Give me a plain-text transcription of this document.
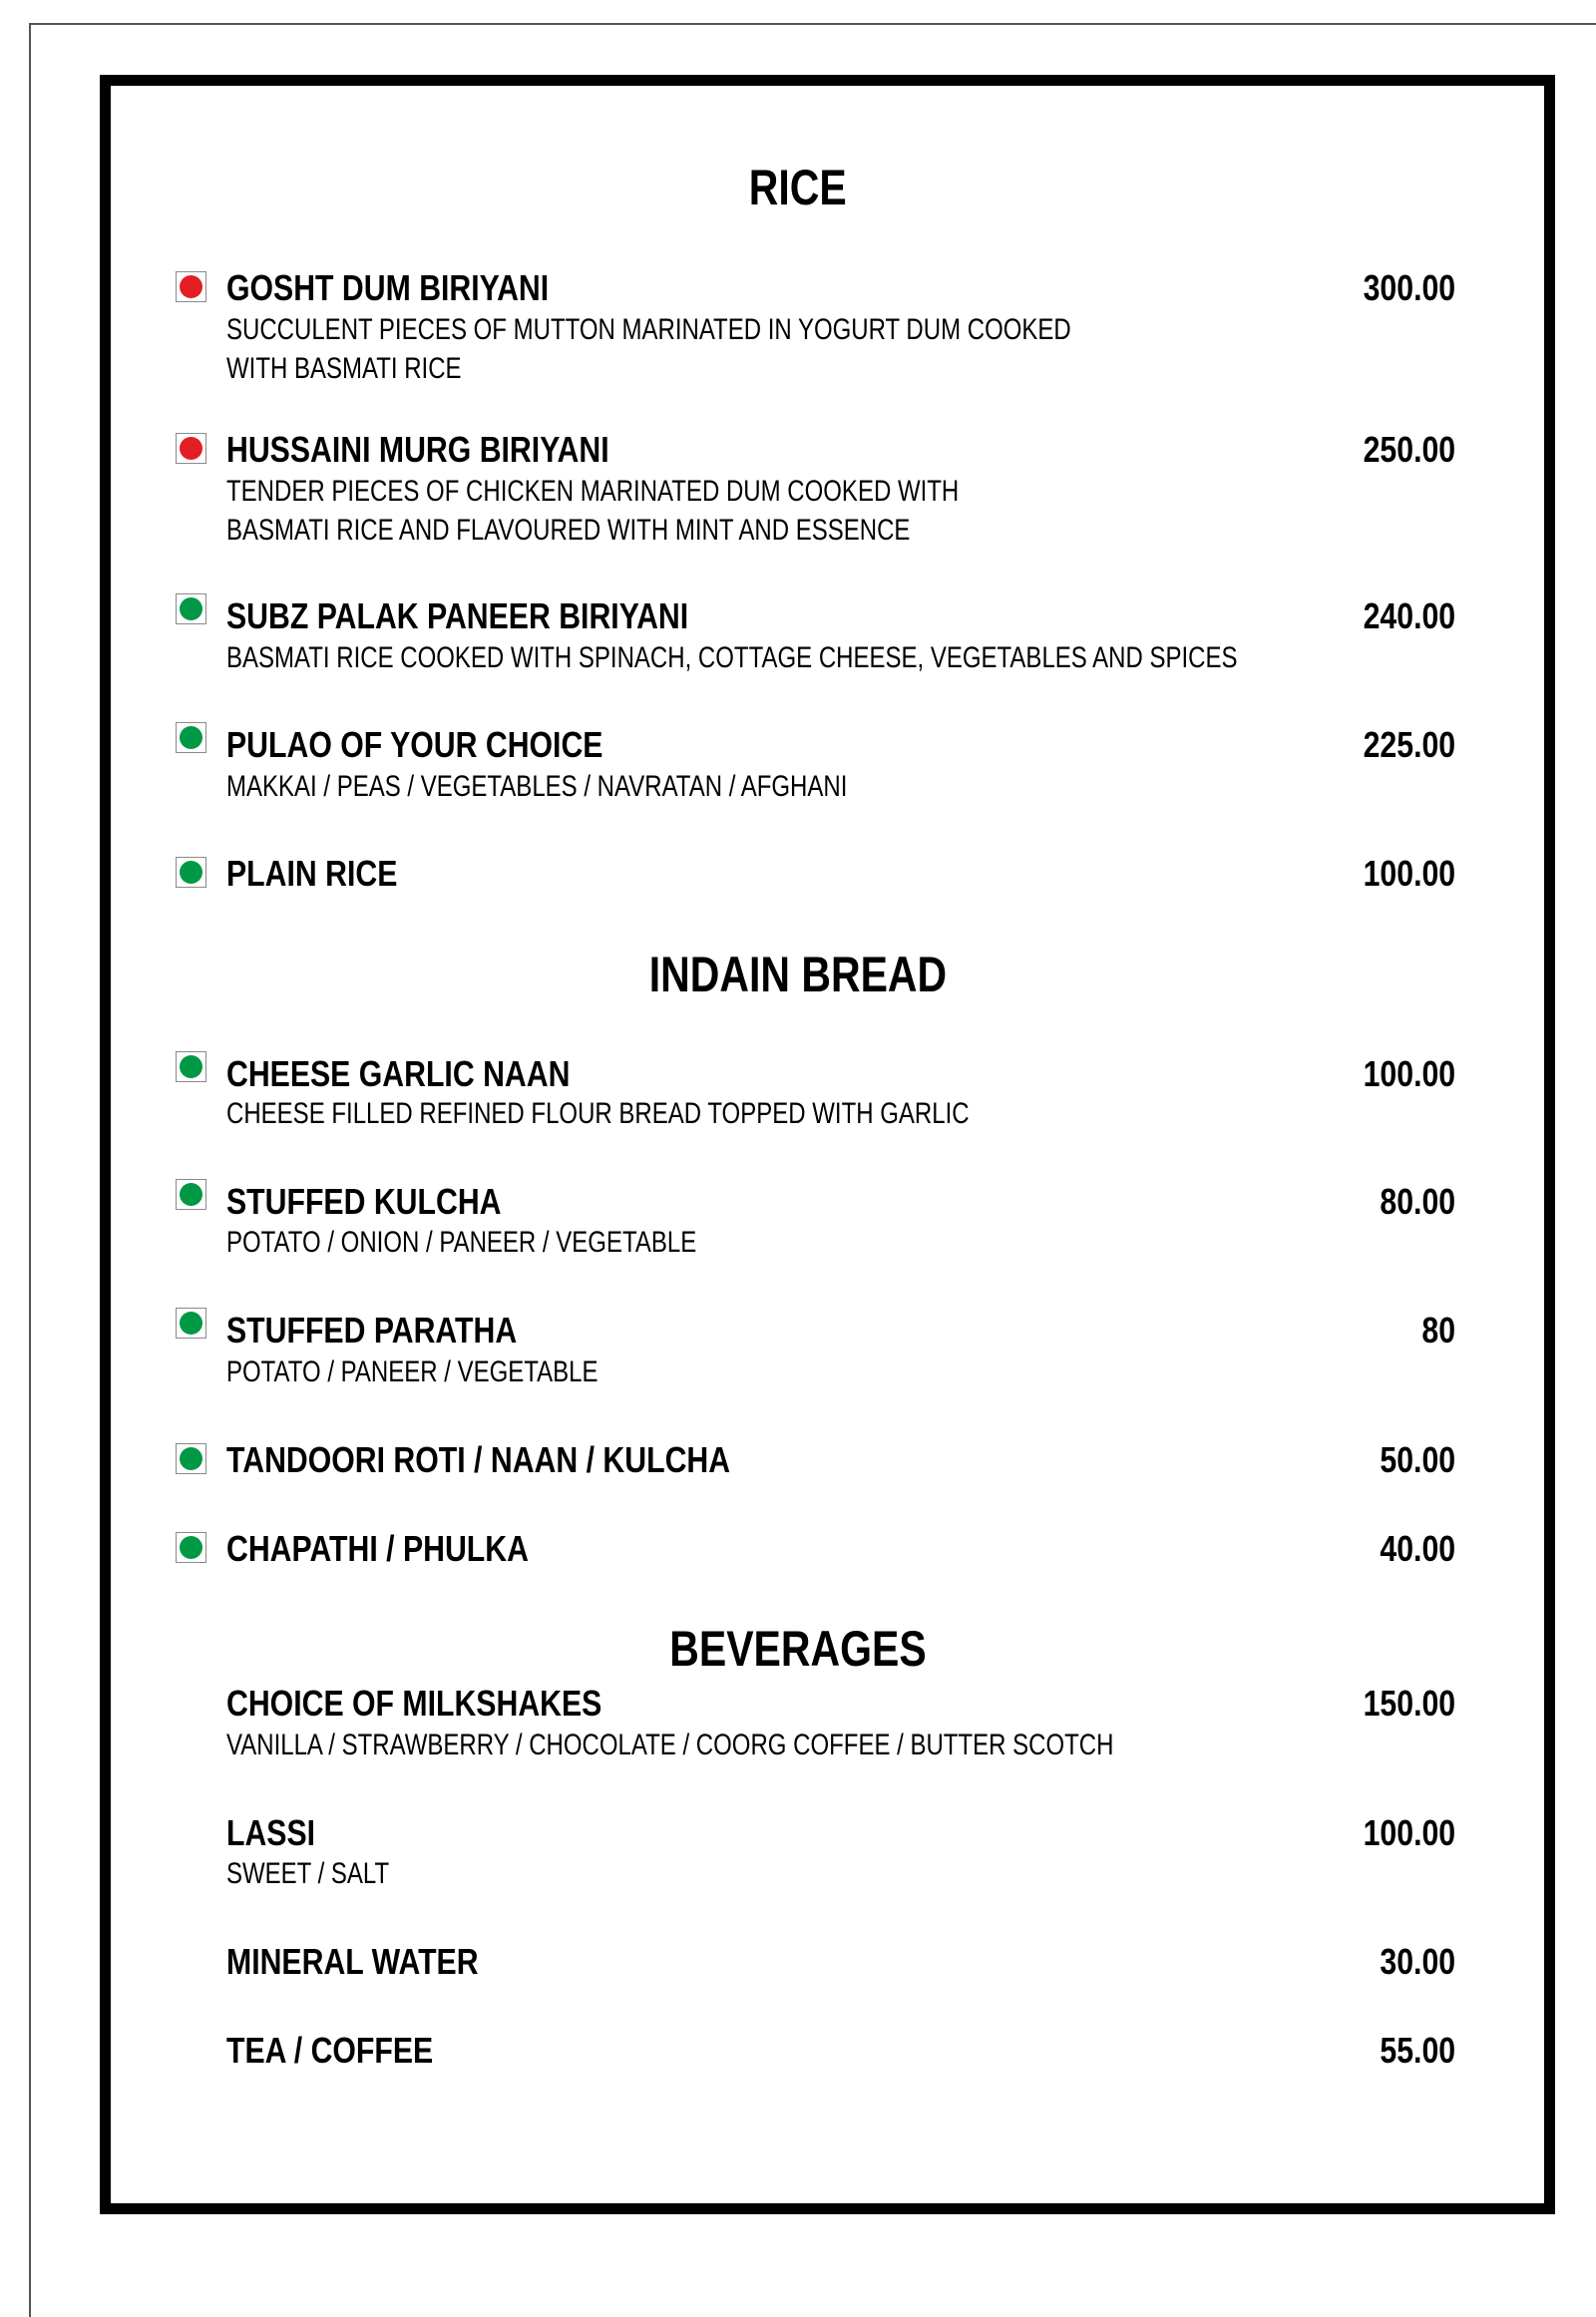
RICE
GOSHT DUM BIRIYANI	300.00
SUCCULENT PIECES OF MUTTON MARINATED IN YOGURT DUM COOKED
WITH BASMATI RICE
HUSSAINI MURG BIRIYANI	250.00
TENDER PIECES OF CHICKEN MARINATED DUM COOKED WITH
BASMATI RICE AND FLAVOURED WITH MINT AND ESSENCE
SUBZ PALAK PANEER BIRIYANI	240.00
BASMATI RICE COOKED WITH SPINACH, COTTAGE CHEESE, VEGETABLES AND SPICES
PULAO OF YOUR CHOICE	225.00
MAKKAI / PEAS / VEGETABLES / NAVRATAN / AFGHANI
PLAIN RICE	100.00
INDAIN BREAD
CHEESE GARLIC NAAN	100.00
CHEESE FILLED REFINED FLOUR BREAD TOPPED WITH GARLIC
STUFFED KULCHA	80.00
POTATO / ONION / PANEER / VEGETABLE
STUFFED PARATHA	80
POTATO / PANEER / VEGETABLE
TANDOORI ROTI / NAAN / KULCHA	50.00
CHAPATHI / PHULKA	40.00
BEVERAGES
CHOICE OF MILKSHAKES	150.00
VANILLA / STRAWBERRY / CHOCOLATE / COORG COFFEE / BUTTER SCOTCH
LASSI	100.00
SWEET / SALT
MINERAL WATER	30.00
TEA / COFFEE	55.00
